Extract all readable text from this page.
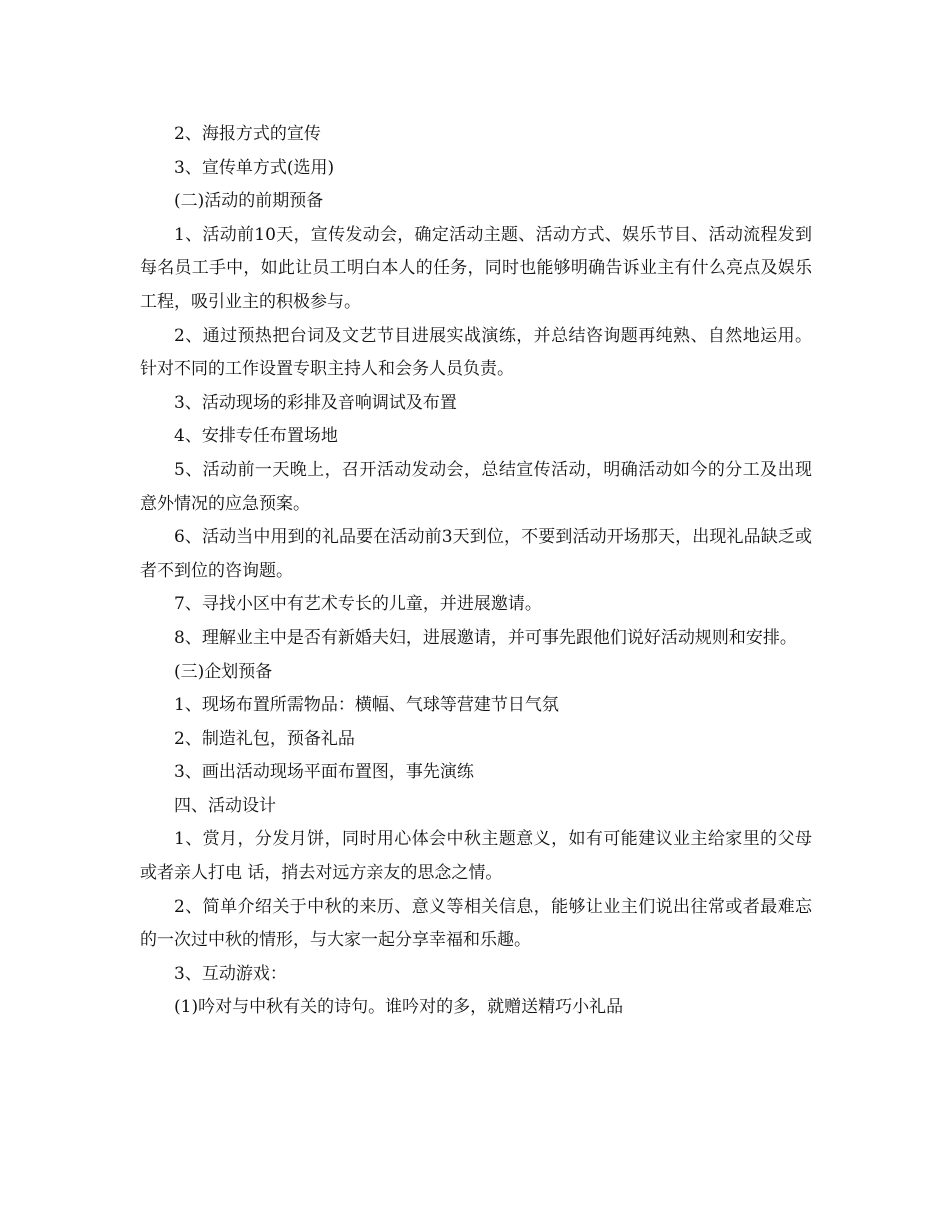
2、海报方式的宣传

3、宣传单方式(选用)

(二)活动的前期预备

1、活动前10天，宣传发动会，确定活动主题、活动方式、娱乐节目、活动流程发到每名员工手中，如此让员工明白本人的任务，同时也能够明确告诉业主有什么亮点及娱乐工程，吸引业主的积极参与。

2、通过预热把台词及文艺节目进展实战演练，并总结咨询题再纯熟、自然地运用。针对不同的工作设置专职主持人和会务人员负责。

3、活动现场的彩排及音响调试及布置

4、安排专任布置场地

5、活动前一天晚上，召开活动发动会，总结宣传活动，明确活动如今的分工及出现意外情况的应急预案。

6、活动当中用到的礼品要在活动前3天到位，不要到活动开场那天，出现礼品缺乏或者不到位的咨询题。

7、寻找小区中有艺术专长的儿童，并进展邀请。

8、理解业主中是否有新婚夫妇，进展邀请，并可事先跟他们说好活动规则和安排。

(三)企划预备

1、现场布置所需物品：横幅、气球等营建节日气氛

2、制造礼包，预备礼品

3、画出活动现场平面布置图，事先演练

四、活动设计

1、赏月，分发月饼，同时用心体会中秋主题意义，如有可能建议业主给家里的父母或者亲人打电 话，捎去对远方亲友的思念之情。

2、简单介绍关于中秋的来历、意义等相关信息，能够让业主们说出往常或者最难忘的一次过中秋的情形，与大家一起分享幸福和乐趣。

3、互动游戏：

(1)吟对与中秋有关的诗句。谁吟对的多，就赠送精巧小礼品
